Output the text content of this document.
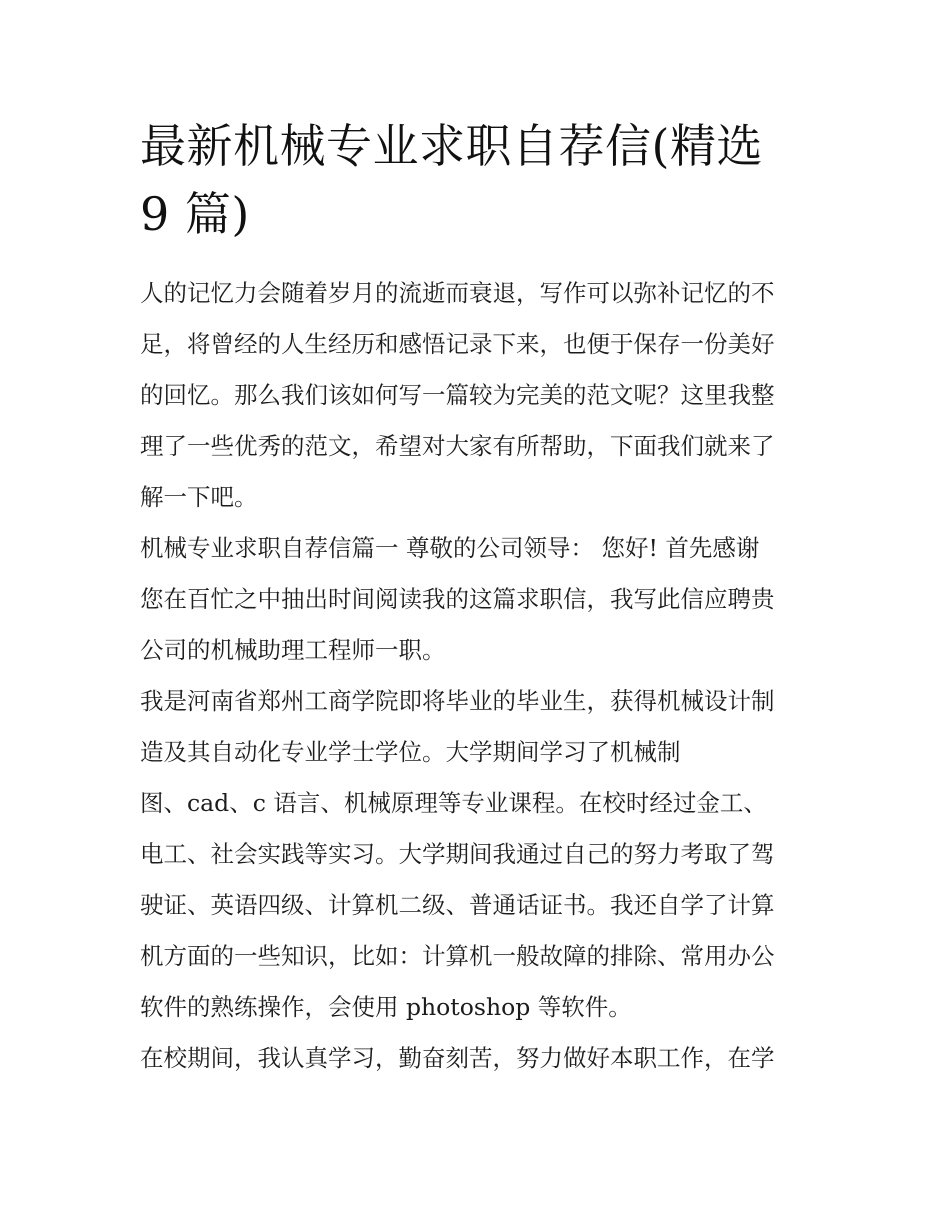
最新机械专业求职自荐信(精选
9 篇)
人的记忆力会随着岁月的流逝而衰退，写作可以弥补记忆的不
足，将曾经的人生经历和感悟记录下来，也便于保存一份美好
的回忆。那么我们该如何写一篇较为完美的范文呢？这里我整
理了一些优秀的范文，希望对大家有所帮助，下面我们就来了
解一下吧。
机械专业求职自荐信篇一 尊敬的公司领导： 您好! 首先感谢
您在百忙之中抽出时间阅读我的这篇求职信，我写此信应聘贵
公司的机械助理工程师一职。
我是河南省郑州工商学院即将毕业的毕业生，获得机械设计制
造及其自动化专业学士学位。大学期间学习了机械制
图、cad、c 语言、机械原理等专业课程。在校时经过金工、
电工、社会实践等实习。大学期间我通过自己的努力考取了驾
驶证、英语四级、计算机二级、普通话证书。我还自学了计算
机方面的一些知识，比如：计算机一般故障的排除、常用办公
软件的熟练操作，会使用 photoshop 等软件。
在校期间，我认真学习，勤奋刻苦，努力做好本职工作，在学
